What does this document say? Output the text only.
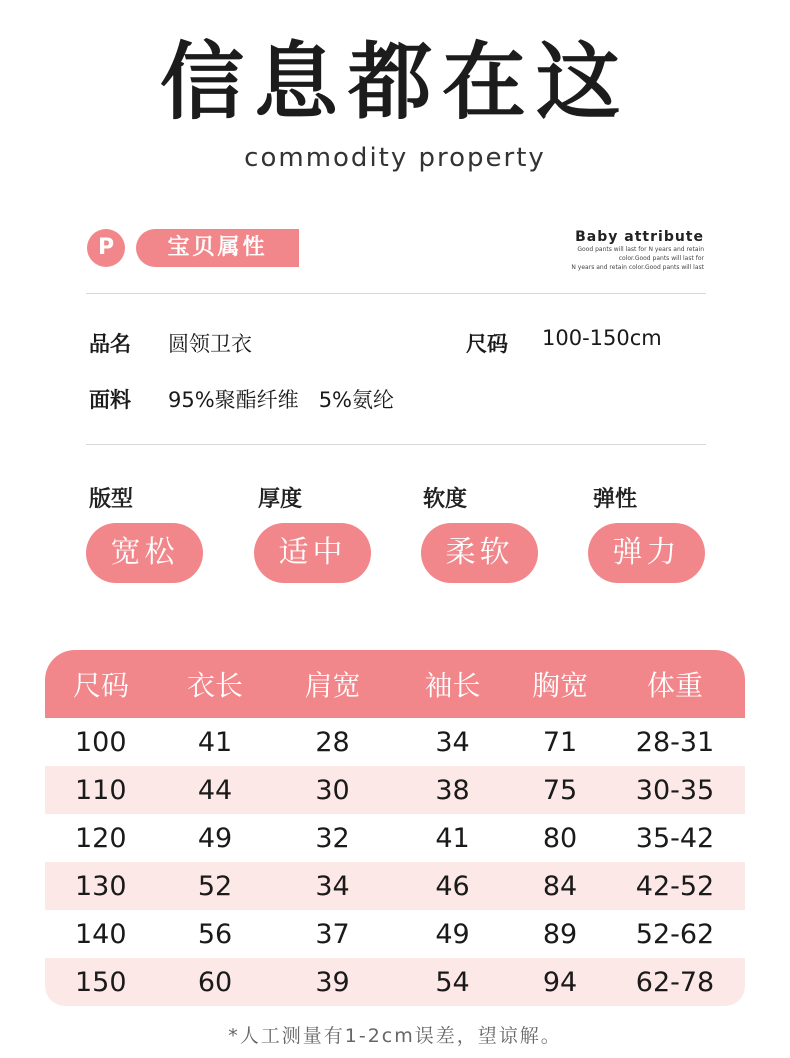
信息都在这
commodity property
P	宝贝属性	Baby attribute
Good pants will last for N years and retain
color.Good pants will last for
N years and retain color.Good pants will last
品名 圆领卫衣	尺码 100-150cm
面料 95%聚酯纤维   5%氨纶
版型	厚度	软度	弹性
宽松	适中	柔软	弹力
尺码	衣长	肩宽	袖长	胸宽	体重
100	41	28	34	71	28-31
110	44	30	38	75	30-35
120	49	32	41	80	35-42
130	52	34	46	84	42-52
140	56	37	49	89	52-62
150	60	39	54	94	62-78
*人工测量有1-2cm误差，望谅解。
